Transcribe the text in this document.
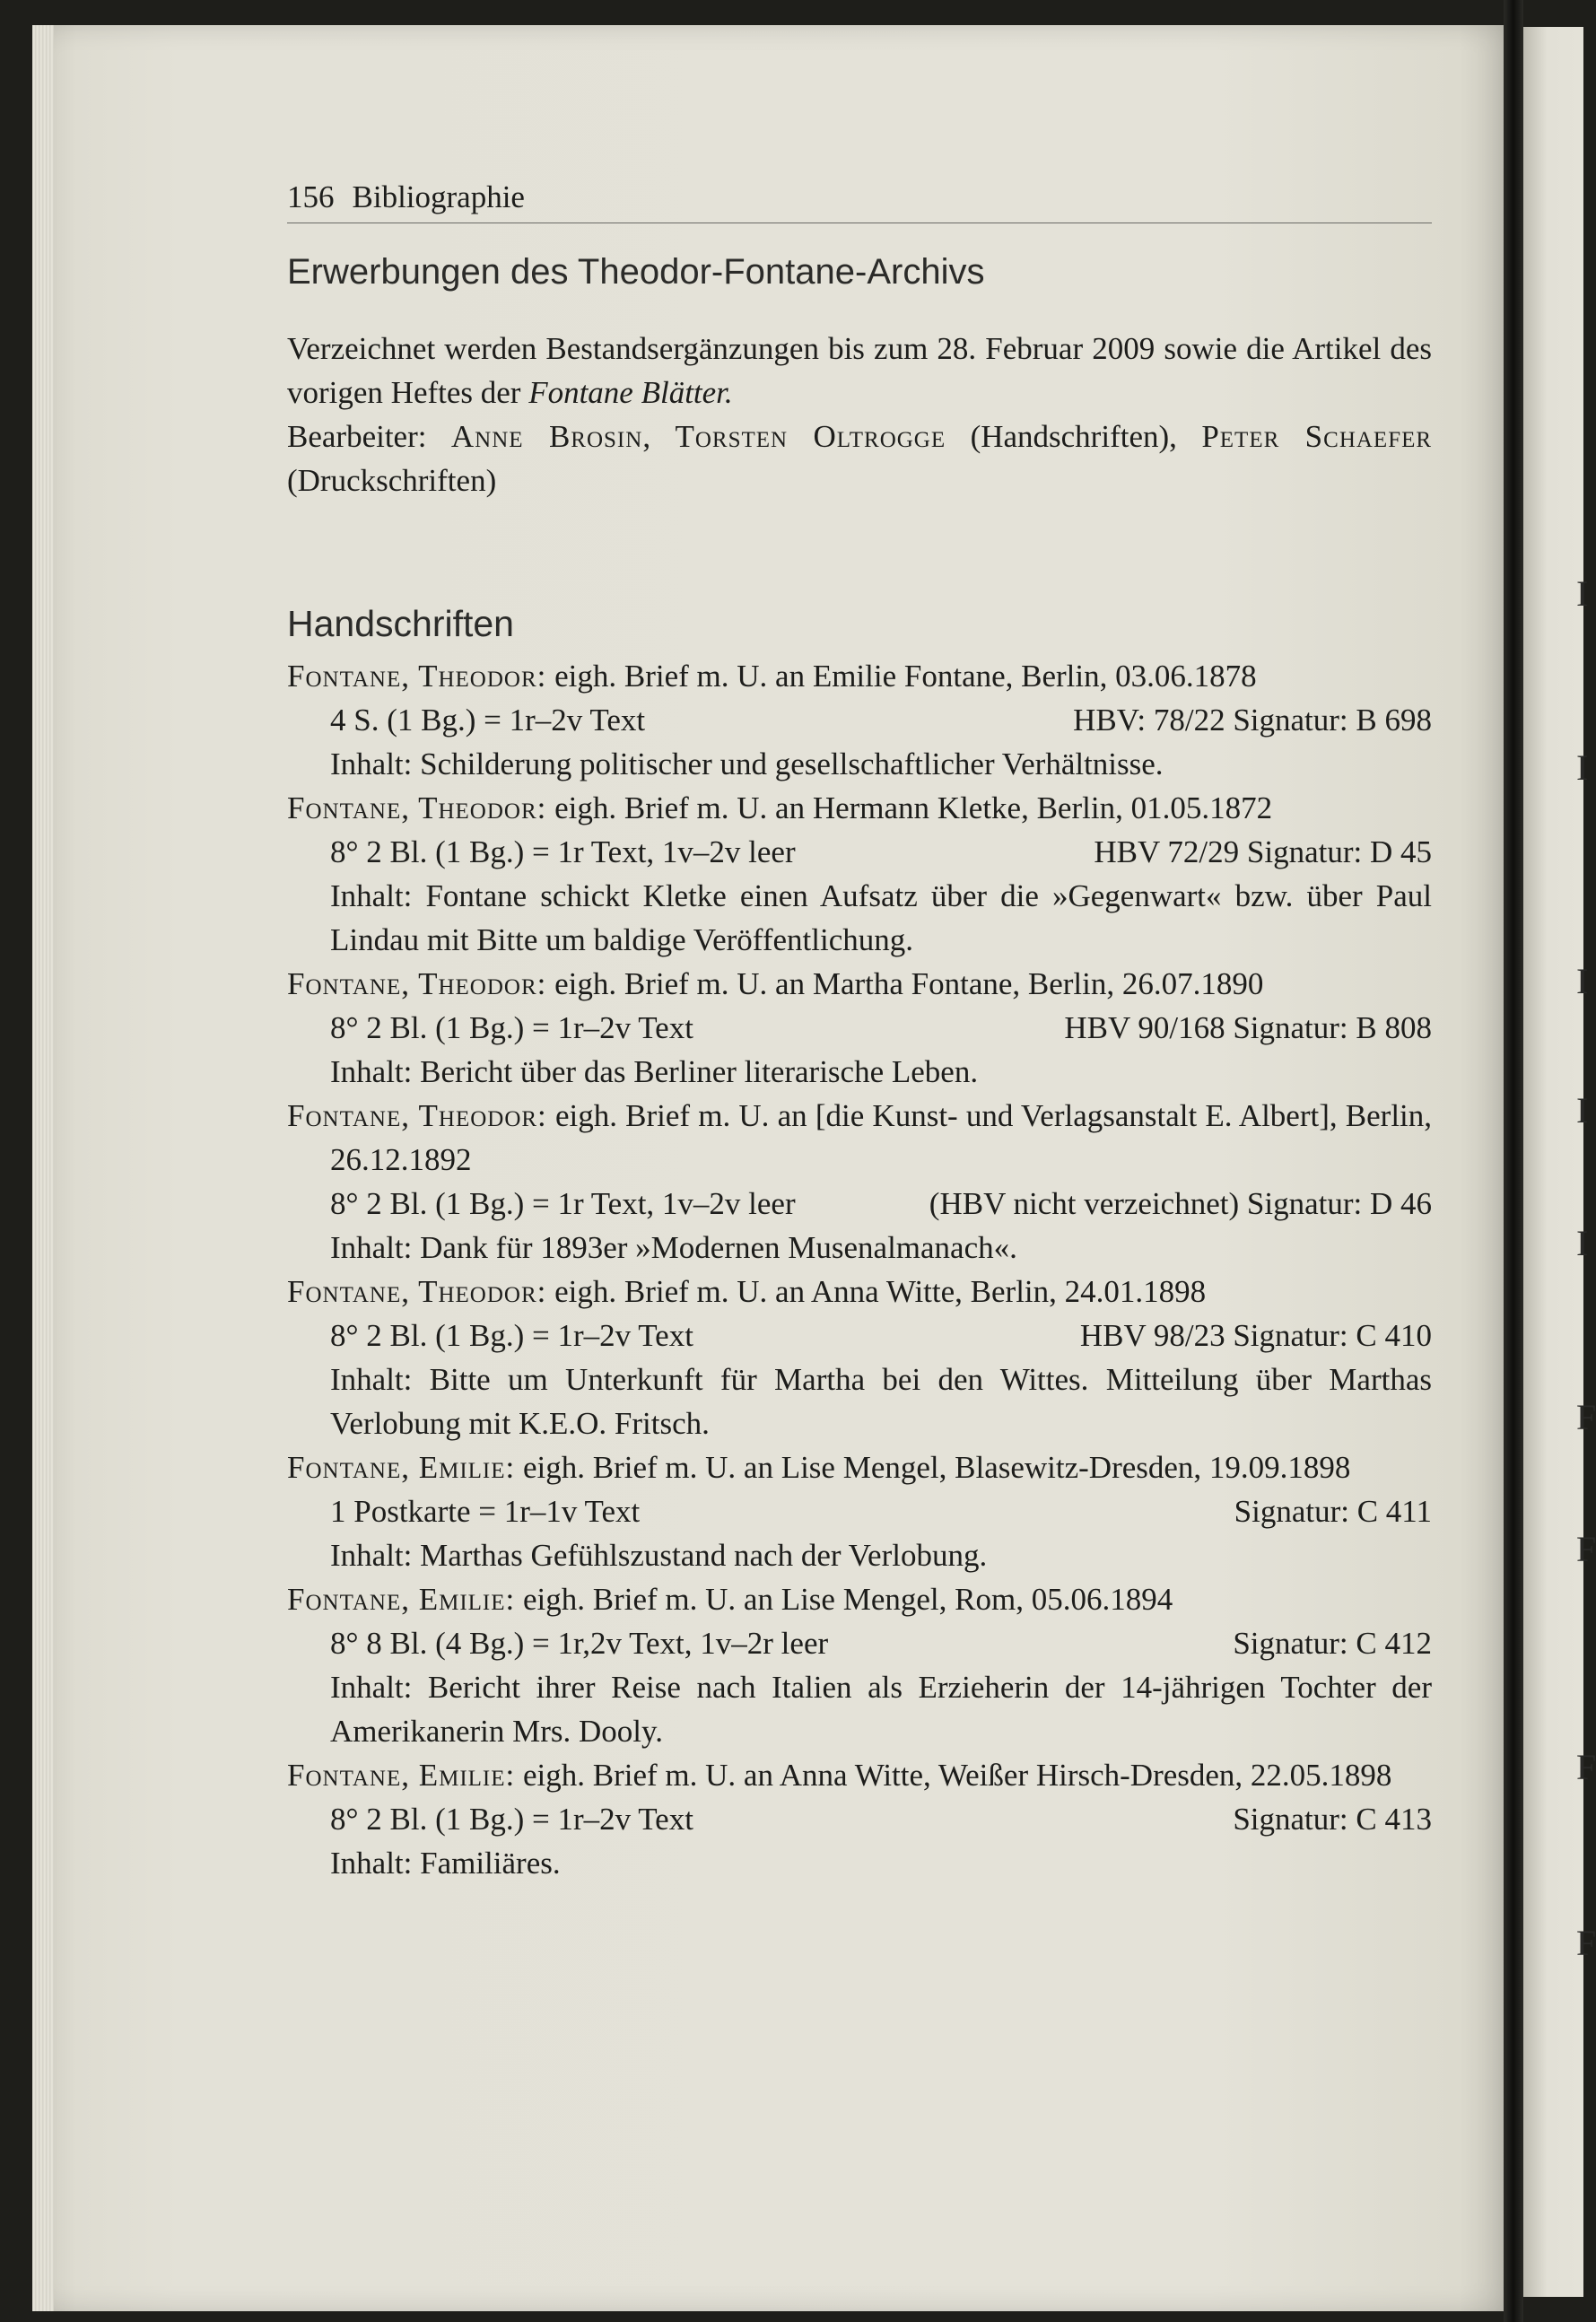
I
I
I
I
I
F
F
F
F
156 Bibliographie
Erwerbungen des Theodor-Fontane-Archivs

Verzeichnet werden Bestandsergänzungen bis zum 28. Februar 2009 sowie die Artikel des vorigen Heftes der Fontane Blätter.

Bearbeiter: Anne Brosin, Torsten Oltrogge (Handschriften), Peter Schaefer (Druckschriften)

Handschriften
Fontane, Theodor: eigh. Brief m. U. an Emilie Fontane, Berlin, 03.06.1878
4 S. (1 Bg.) = 1r–2v Text	HBV: 78/22 Signatur: B 698
Inhalt: Schilderung politischer und gesellschaftlicher Verhältnisse.
Fontane, Theodor: eigh. Brief m. U. an Hermann Kletke, Berlin, 01.05.1872
8° 2 Bl. (1 Bg.) = 1r Text, 1v–2v leer	HBV 72/29 Signatur: D 45
Inhalt: Fontane schickt Kletke einen Aufsatz über die »Gegenwart« bzw. über Paul Lindau mit Bitte um baldige Veröffentlichung.
Fontane, Theodor: eigh. Brief m. U. an Martha Fontane, Berlin, 26.07.1890
8° 2 Bl. (1 Bg.) = 1r–2v Text	HBV 90/168 Signatur: B 808
Inhalt: Bericht über das Berliner literarische Leben.
Fontane, Theodor: eigh. Brief m. U. an [die Kunst- und Verlagsanstalt E. Albert], Berlin, 26.12.1892
8° 2 Bl. (1 Bg.) = 1r Text, 1v–2v leer	(HBV nicht verzeichnet) Signatur: D 46
Inhalt: Dank für 1893er »Modernen Musenalmanach«.
Fontane, Theodor: eigh. Brief m. U. an Anna Witte, Berlin, 24.01.1898
8° 2 Bl. (1 Bg.) = 1r–2v Text	HBV 98/23 Signatur: C 410
Inhalt: Bitte um Unterkunft für Martha bei den Wittes. Mitteilung über Marthas Verlobung mit K.E.O. Fritsch.
Fontane, Emilie: eigh. Brief m. U. an Lise Mengel, Blasewitz-Dresden, 19.09.1898
1 Postkarte = 1r–1v Text	Signatur: C 411
Inhalt: Marthas Gefühlszustand nach der Verlobung.
Fontane, Emilie: eigh. Brief m. U. an Lise Mengel, Rom, 05.06.1894
8° 8 Bl. (4 Bg.) = 1r,2v Text, 1v–2r leer	Signatur: C 412
Inhalt: Bericht ihrer Reise nach Italien als Erzieherin der 14-jährigen Tochter der Amerikanerin Mrs. Dooly.
Fontane, Emilie: eigh. Brief m. U. an Anna Witte, Weißer Hirsch-Dresden, 22.05.1898
8° 2 Bl. (1 Bg.) = 1r–2v Text	Signatur: C 413
Inhalt: Familiäres.
